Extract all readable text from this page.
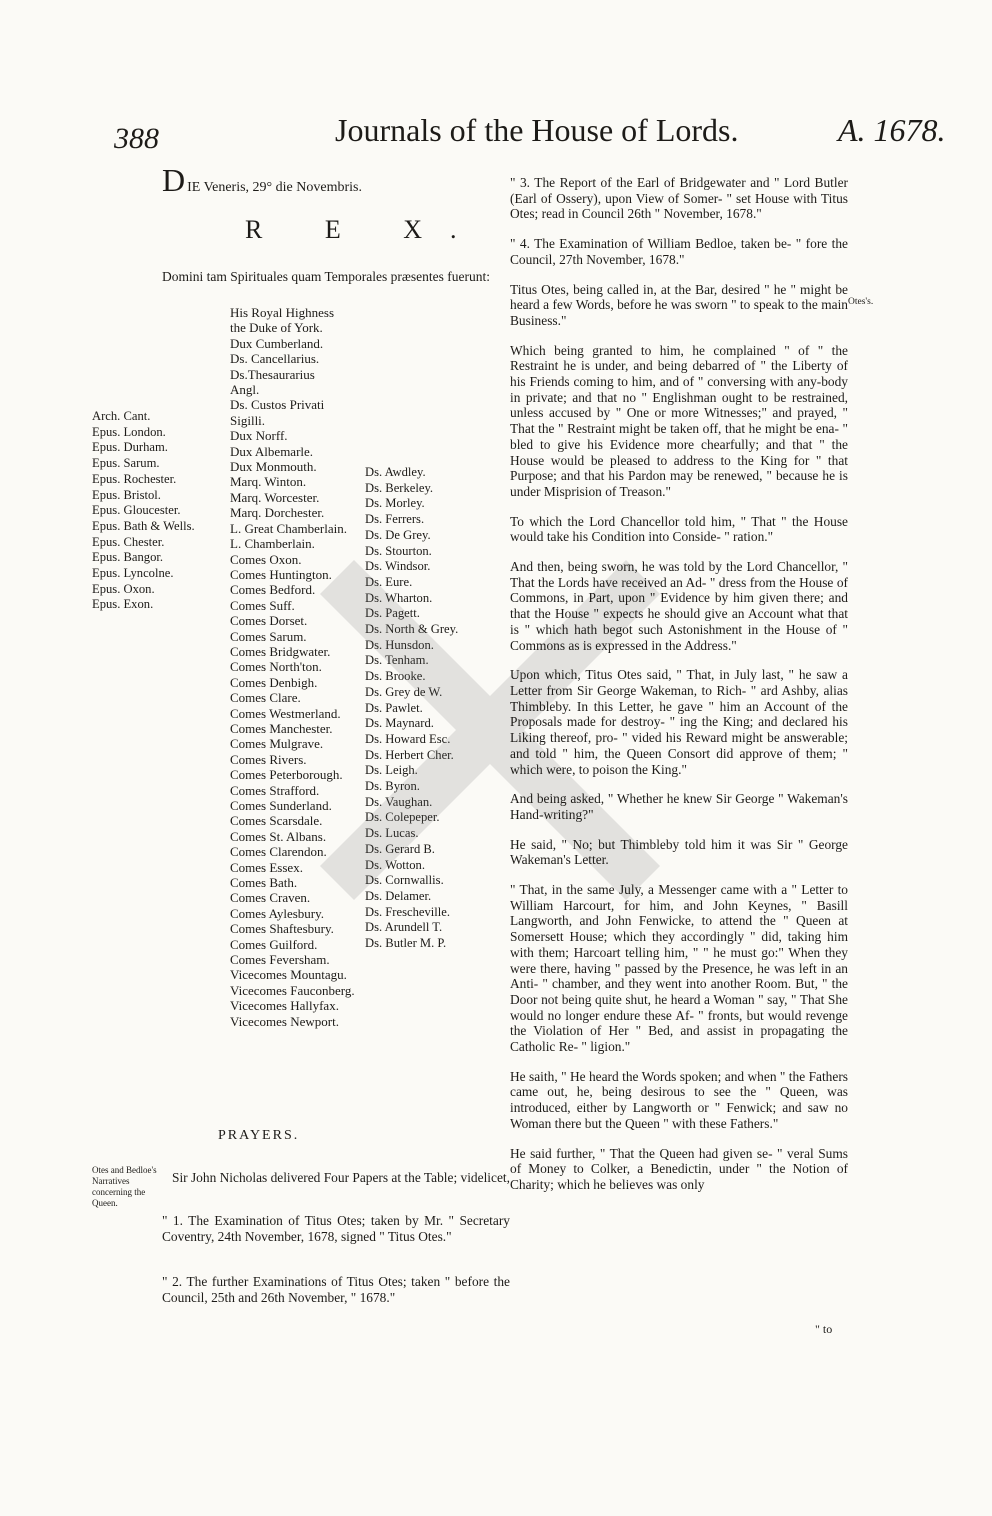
388	Journals of the House of Lords.	A. 1678.
DIE Veneris, 29° die Novembris.
R E X.
Domini tam Spirituales quam Temporales præsentes fuerunt:
His Royal Highness
the Duke of York.
Dux Cumberland.
Ds. Cancellarius.
Ds.Thesaurarius
Angl.
Ds. Custos Privati
Sigilli.
Dux Norff.
Dux Albemarle.
Dux Monmouth.
Marq. Winton.
Marq. Worcester.
Marq. Dorchester.
L. Great Chamberlain.
L. Chamberlain.
Comes Oxon.
Comes Huntington.
Comes Bedford.
Comes Suff.
Comes Dorset.
Comes Sarum.
Comes Bridgwater.
Comes North'ton.
Comes Denbigh.
Comes Clare.
Comes Westmerland.
Comes Manchester.
Comes Mulgrave.
Comes Rivers.
Comes Peterborough.
Comes Strafford.
Comes Sunderland.
Comes Scarsdale.
Comes St. Albans.
Comes Clarendon.
Comes Essex.
Comes Bath.
Comes Craven.
Comes Aylesbury.
Comes Shaftesbury.
Comes Guilford.
Comes Feversham.
Vicecomes Mountagu.
Vicecomes Fauconberg.
Vicecomes Hallyfax.
Vicecomes Newport.
Arch. Cant.
Epus. London.
Epus. Durham.
Epus. Sarum.
Epus. Rochester.
Epus. Bristol.
Epus. Gloucester.
Epus. Bath & Wells.
Epus. Chester.
Epus. Bangor.
Epus. Lyncolne.
Epus. Oxon.
Epus. Exon.
Ds. Awdley.
Ds. Berkeley.
Ds. Morley.
Ds. Ferrers.
Ds. De Grey.
Ds. Stourton.
Ds. Windsor.
Ds. Eure.
Ds. Wharton.
Ds. Pagett.
Ds. North & Grey.
Ds. Hunsdon.
Ds. Tenham.
Ds. Brooke.
Ds. Grey de W.
Ds. Pawlet.
Ds. Maynard.
Ds. Howard Esc.
Ds. Herbert Cher.
Ds. Leigh.
Ds. Byron.
Ds. Vaughan.
Ds. Colepeper.
Ds. Lucas.
Ds. Gerard B.
Ds. Wotton.
Ds. Cornwallis.
Ds. Delamer.
Ds. Frescheville.
Ds. Arundell T.
Ds. Butler M. P.
PRAYERS.
Otes and Bedloe's Narratives concerning the Queen.
Sir John Nicholas delivered Four Papers at the Table; videlicet,
" 1. The Examination of Titus Otes; taken by Mr. " Secretary Coventry, 24th November, 1678, signed " Titus Otes."
" 2. The further Examinations of Titus Otes; taken " before the Council, 25th and 26th November, " 1678."
Otes's.
" 3. The Report of the Earl of Bridgewater and " Lord Butler (Earl of Ossery), upon View of Somer- " set House with Titus Otes; read in Council 26th " November, 1678."
" 4. The Examination of William Bedloe, taken be- " fore the Council, 27th November, 1678."
Titus Otes, being called in, at the Bar, desired " he " might be heard a few Words, before he was sworn " to speak to the main Business."
Which being granted to him, he complained " of " the Restraint he is under, and being debarred of " the Liberty of his Friends coming to him, and of " conversing with any-body in private; and that no " Englishman ought to be restrained, unless accused by " One or more Witnesses;" and prayed, " That the " Restraint might be taken off, that he might be ena- " bled to give his Evidence more chearfully; and that " the House would be pleased to address to the King for " that Purpose; and that his Pardon may be renewed, " because he is under Misprision of Treason."
To which the Lord Chancellor told him, " That " the House would take his Condition into Conside- " ration."
And then, being sworn, he was told by the Lord Chancellor, " That the Lords have received an Ad- " dress from the House of Commons, in Part, upon " Evidence by him given there; and that the House " expects he should give an Account what that is " which hath begot such Astonishment in the House of " Commons as is expressed in the Address."
Upon which, Titus Otes said, " That, in July last, " he saw a Letter from Sir George Wakeman, to Rich- " ard Ashby, alias Thimbleby. In this Letter, he gave " him an Account of the Proposals made for destroy- " ing the King; and declared his Liking thereof, pro- " vided his Reward might be answerable; and told " him, the Queen Consort did approve of them; " which were, to poison the King."
And being asked, " Whether he knew Sir George " Wakeman's Hand-writing?"
He said, " No; but Thimbleby told him it was Sir " George Wakeman's Letter.
" That, in the same July, a Messenger came with a " Letter to William Harcourt, for him, and John Keynes, " Basill Langworth, and John Fenwicke, to attend the " Queen at Somersett House; which they accordingly " did, taking him with them; Harcoart telling him, " " he must go:" When they were there, having " passed by the Presence, he was left in an Anti- " chamber, and they went into another Room. But, " the Door not being quite shut, he heard a Woman " say, " That She would no longer endure these Af- " fronts, but would revenge the Violation of Her " Bed, and assist in propagating the Catholic Re- " ligion."
He saith, " He heard the Words spoken; and when " the Fathers came out, he, being desirous to see the " Queen, was introduced, either by Langworth or " Fenwick; and saw no Woman there but the Queen " with these Fathers."
He said further, " That the Queen had given se- " veral Sums of Money to Colker, a Benedictin, under " the Notion of Charity; which he believes was only
" to
